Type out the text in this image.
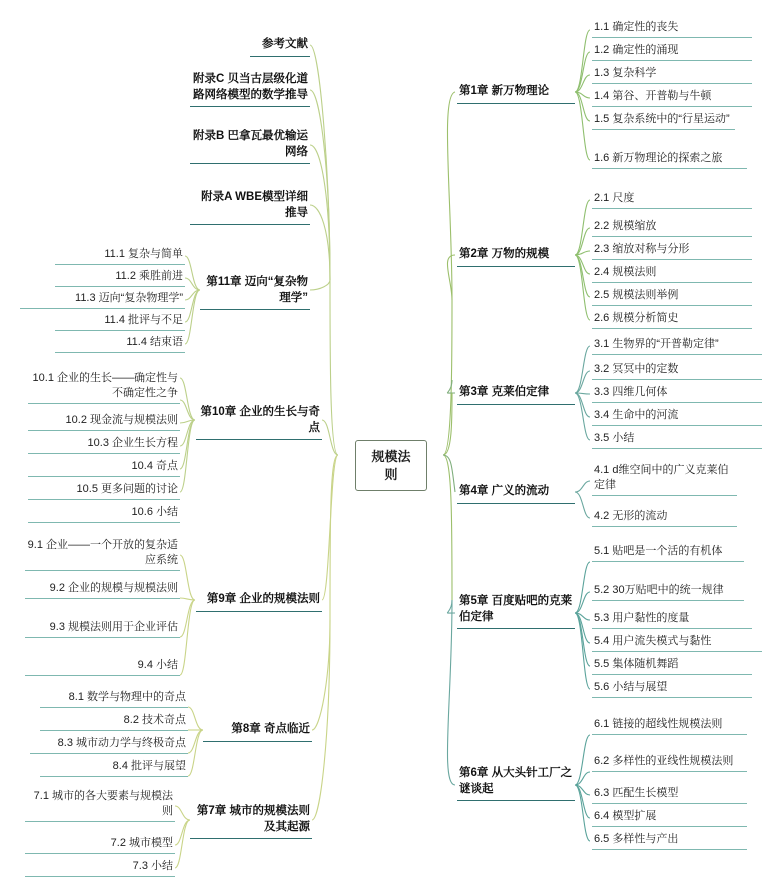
规模法则
第1章 新万物理论
第2章 万物的规模
第3章 克莱伯定律
第4章 广义的流动
第5章 百度贴吧的克莱伯定律
第6章 从大头针工厂之谜谈起
1.1 确定性的丧失
1.2 确定性的涌现
1.3 复杂科学
1.4 第谷、开普勒与牛顿
1.5 复杂系统中的“行星运动”
1.6 新万物理论的探索之旅
2.1 尺度
2.2 规模缩放
2.3 缩放对称与分形
2.4 规模法则
2.5 规模法则举例
2.6 规模分析简史
3.1 生物界的“开普勒定律”
3.2 冥冥中的定数
3.3 四维几何体
3.4 生命中的河流
3.5 小结
4.1 d维空间中的广义克莱伯定律
4.2 无形的流动
5.1 贴吧是一个活的有机体
5.2 30万贴吧中的统一规律
5.3 用户黏性的度量
5.4 用户流失模式与黏性
5.5 集体随机舞蹈
5.6 小结与展望
6.1 链接的超线性规模法则
6.2 多样性的亚线性规模法则
6.3 匹配生长模型
6.4 模型扩展
6.5 多样性与产出
参考文献
附录C 贝当古层级化道路网络模型的数学推导
附录B 巴拿瓦最优输运网络
附录A WBE模型详细推导
第11章 迈向“复杂物理学”
第10章 企业的生长与奇点
第9章 企业的规模法则
第8章 奇点临近
第7章 城市的规模法则及其起源
11.1 复杂与简单
11.2 乘胜前进
11.3 迈向“复杂物理学”
11.4 批评与不足
11.4 结束语
10.1 企业的生长——确定性与不确定性之争
10.2 现金流与规模法则
10.3 企业生长方程
10.4 奇点
10.5 更多问题的讨论
10.6 小结
9.1 企业——一个开放的复杂适应系统
9.2 企业的规模与规模法则
9.3 规模法则用于企业评估
9.4 小结
8.1 数学与物理中的奇点
8.2 技术奇点
8.3 城市动力学与终极奇点
8.4 批评与展望
7.1 城市的各大要素与规模法则
7.2 城市模型
7.3 小结
